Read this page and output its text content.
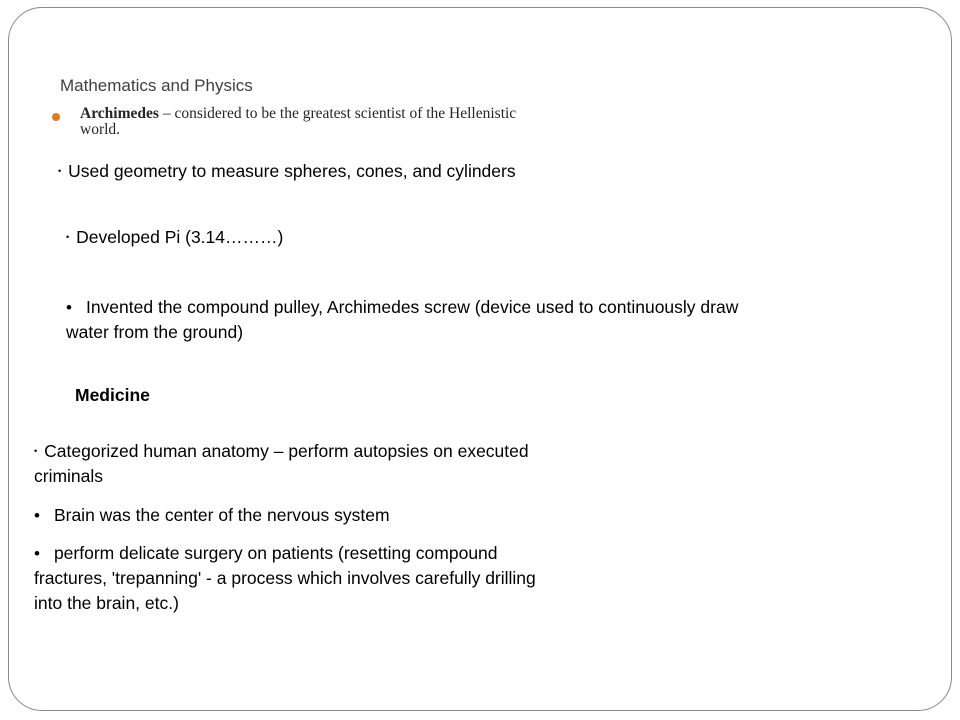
Mathematics and Physics
Archimedes – considered to be the greatest scientist of the Hellenistic world.
• Used geometry to measure spheres, cones, and cylinders
• Developed Pi (3.14………)
• Invented the compound pulley, Archimedes screw (device used to continuously draw water from the ground)
Medicine
• Categorized human anatomy – perform autopsies on executed criminals
• Brain was the center of the nervous system
• perform delicate surgery on patients (resetting compound fractures, 'trepanning' - a process which involves carefully drilling into the brain, etc.)
